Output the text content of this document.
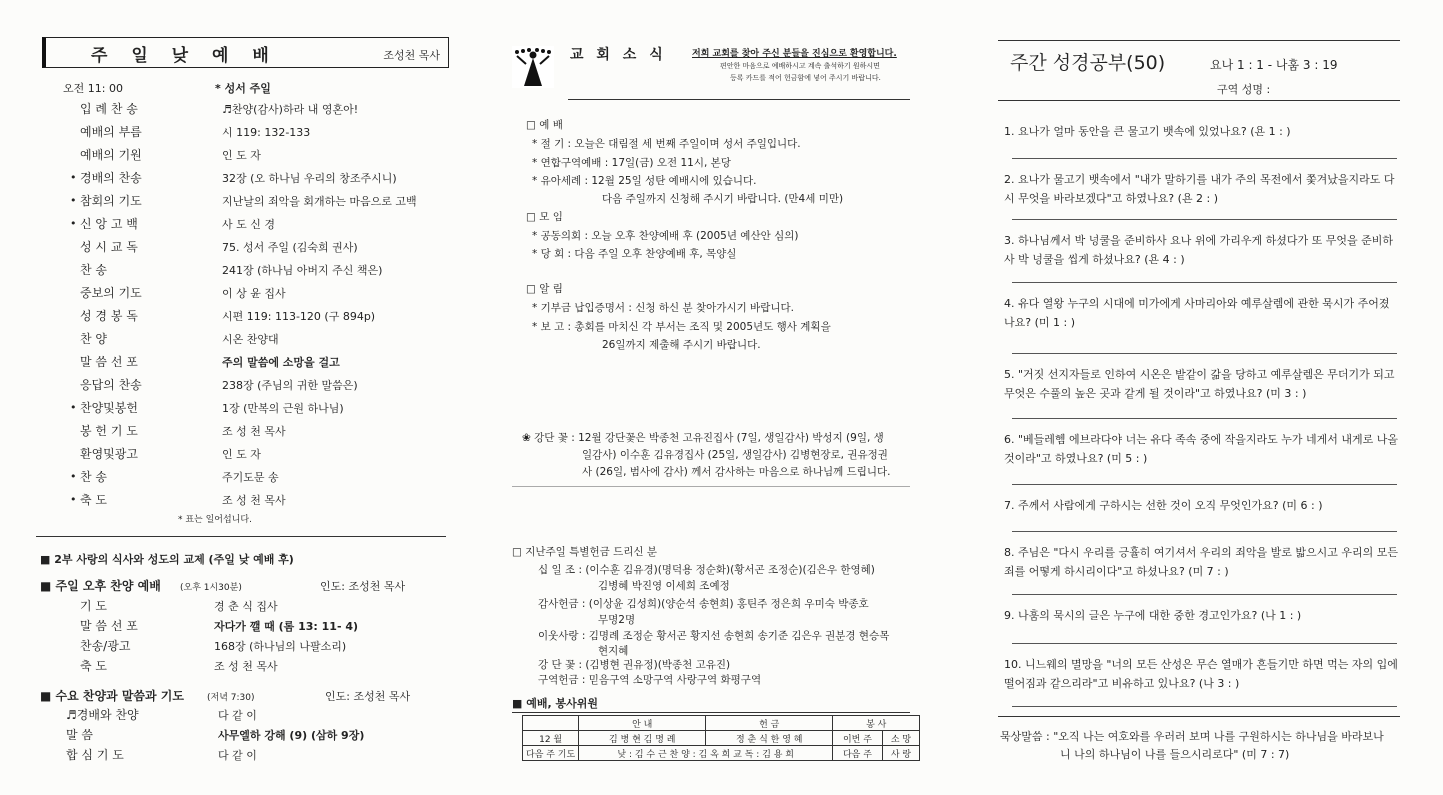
주 일 낮 예 배	조성천 목사
오전 11: 00	* 성서 주일
입 례 찬 송	♬찬양(감사)하라 내 영혼아!
예배의 부름	시 119: 132-133
예배의 기원	인 도 자
• 경배의 찬송	32장 (오 하나님 우리의 창조주시니)
• 참회의 기도	지난날의 죄악을 회개하는 마음으로 고백
• 신 앙 고 백	사 도 신 경
성 시 교 독	75. 성서 주일 (김숙희 권사)
찬 송	241장 (하나님 아버지 주신 책은)
중보의 기도	이 상 윤 집사
성 경 봉 독	시편 119: 113-120 (구 894p)
찬 양	시온 찬양대
말 씀 선 포	주의 말씀에 소망을 걸고
응답의 찬송	238장 (주님의 귀한 말씀은)
• 찬양및봉헌	1장 (만복의 근원 하나님)
봉 헌 기 도	조 성 천 목사
환영및광고	인 도 자
• 찬 송	주기도문 송
• 축 도	조 성 천 목사
* 표는 일어섭니다.
■ 2부 사랑의 식사와 성도의 교제 (주일 낮 예배 후)
■ 주일 오후 찬양 예배 (오후 1시30분)	인도: 조성천 목사
기 도	경 춘 식 집사
말 씀 선 포	자다가 깰 때 (롬 13: 11- 4)
찬송/광고	168장 (하나님의 나팔소리)
축 도	조 성 천 목사
■ 수요 찬양과 말씀과 기도	(저녁 7:30)	인도: 조성천 목사
♬경배와 찬양	다 같 이
말 씀	사무엘하 강해 (9) (삼하 9장)
합 심 기 도	다 같 이
교 회 소 식	저희 교회를 찾아 주신 분들을 진심으로 환영합니다.
편안한 마음으로 예배하시고 계속 출석하기 원하시면
등록 카드를 적어 헌금함에 넣어 주시기 바랍니다.
□ 예 배
* 절 기 : 오늘은 대림절 세 번째 주일이며 성서 주일입니다.
* 연합구역예배 : 17일(금) 오전 11시, 본당
* 유아세례 : 12월 25일 성탄 예배시에 있습니다.
다음 주일까지 신청해 주시기 바랍니다. (만4세 미만)
□ 모 임
* 공동의회 : 오늘 오후 찬양예배 후 (2005년 예산안 심의)
* 당 회 : 다음 주일 오후 찬양예배 후, 목양실
□ 알 림
* 기부금 납입증명서 : 신청 하신 분 찾아가시기 바랍니다.
* 보 고 : 총회를 마치신 각 부서는 조직 및 2005년도 행사 계획을
26일까지 제출해 주시기 바랍니다.
❀ 강단 꽃 : 12월 강단꽃은 박종천 고유진집사 (7일, 생일감사) 박성지 (9일, 생
일감사) 이수훈 김유경집사 (25일, 생일감사) 김병현장로, 권유정권
사 (26일, 범사에 감사) 께서 감사하는 마음으로 하나님께 드립니다.
□ 지난주일 특별헌금 드리신 분
십 일 조 : (이수훈 김유경)(명덕용 정순화)(황서곤 조정순)(김은우 한영혜)
김병혜 박진영 이세희 조예정
감사헌금 : (이상윤 김성희)(양순석 송현희) 홍틴주 정은희 우미숙 박종호
무명2명
이웃사랑 : 김명례 조정순 황서곤 황지선 송현희 송기준 김은우 권분경 현승목
현지혜
강 단 꽃 : (김병현 권유정)(박종천 고유진)
구역헌금 : 믿음구역 소망구역 사랑구역 화평구역
■ 예배, 봉사위원
	안 내	헌 금	봉 사	
12 월	김 병 현 김 명 례	정 춘 식 한 영 혜	이번 주	소 망
다음 주 기도	낮 : 김 수 근 찬 양 : 김 옥 희 교 독 : 김 용 희		다음 주	사 랑
주간 성경공부(50)	요나 1 : 1 - 나훔 3 : 19
구역 성명 :
1. 요나가 얼마 동안을 큰 물고기 뱃속에 있었나요? (욘 1 : )
2. 요나가 물고기 뱃속에서 "내가 말하기를 내가 주의 목전에서 쫓겨났을지라도 다시 무엇을 바라보겠다"고 하였나요? (욘 2 : )
3. 하나님께서 박 넝쿨을 준비하사 요나 위에 가리우게 하셨다가 또 무엇을 준비하사 박 넝쿨을 씹게 하셨나요? (욘 4 : )
4. 유다 열왕 누구의 시대에 미가에게 사마리아와 예루살렘에 관한 묵시가 주어졌나요? (미 1 : )
5. "거짓 선지자들로 인하여 시온은 밭같이 갊을 당하고 예루살렘은 무더기가 되고 무엇은 수풀의 높은 곳과 같게 될 것이라"고 하였나요? (미 3 : )
6. "베들레헴 에브라다야 너는 유다 족속 중에 작을지라도 누가 네게서 내게로 나올 것이라"고 하였나요? (미 5 : )
7. 주께서 사람에게 구하시는 선한 것이 오직 무엇인가요? (미 6 : )
8. 주님은 "다시 우리를 긍휼히 여기셔서 우리의 죄악을 발로 밟으시고 우리의 모든 죄를 어떻게 하시리이다"고 하셨나요? (미 7 : )
9. 나훔의 묵시의 글은 누구에 대한 중한 경고인가요? (나 1 : )
10. 니느웨의 멸망을 "너의 모든 산성은 무슨 열매가 흔들기만 하면 먹는 자의 입에 떨어짐과 같으리라"고 비유하고 있나요? (나 3 : )
묵상말씀 : "오직 나는 여호와를 우러러 보며 나를 구원하시는 하나님을 바라보나
니 나의 하나님이 나를 들으시리로다" (미 7 : 7)
